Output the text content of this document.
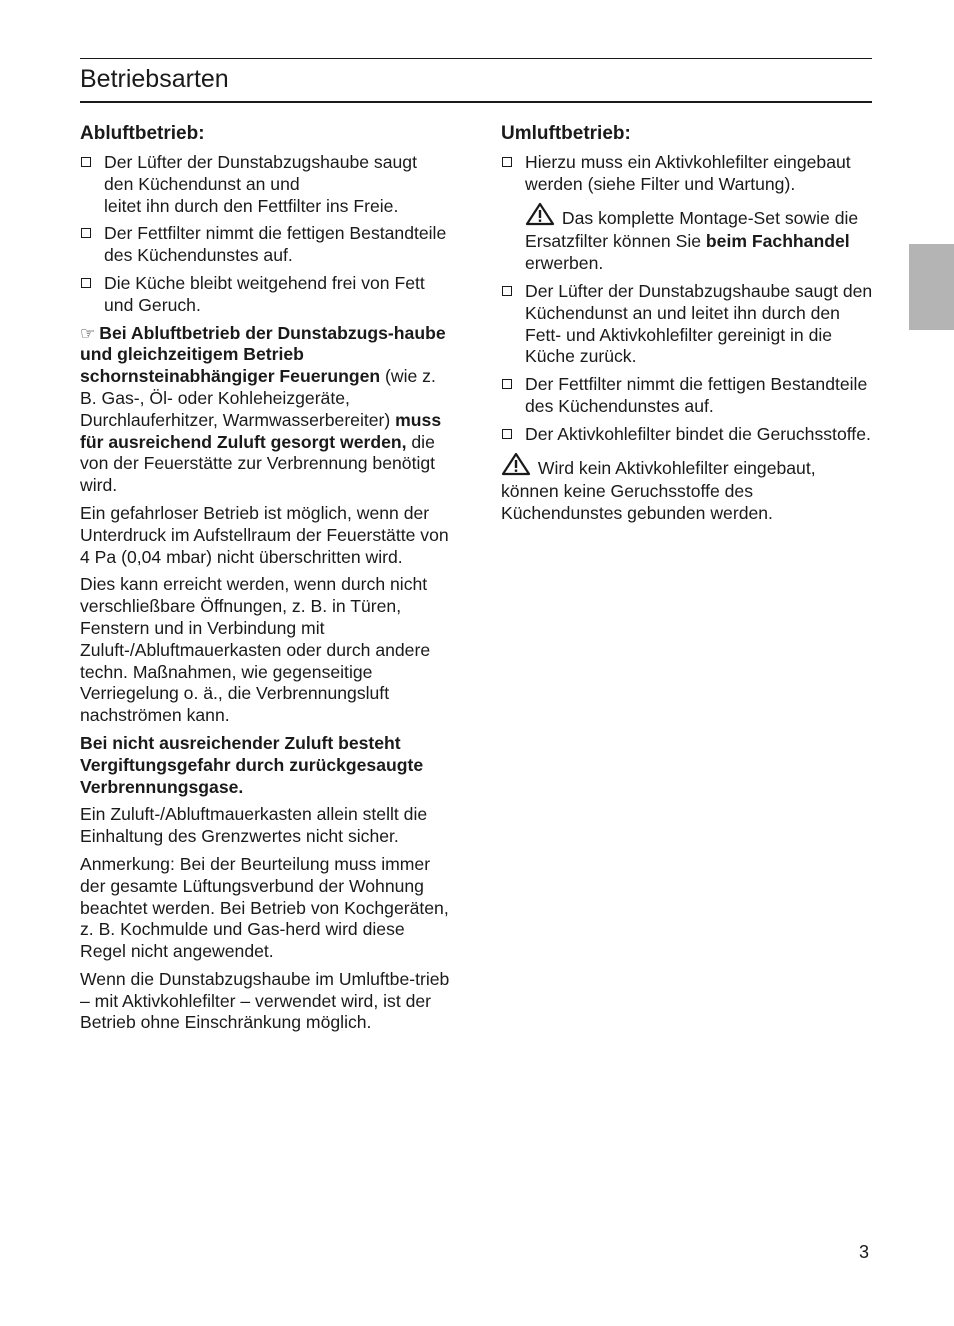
Betriebsarten
Abluftbetrieb:
Der Lüfter der Dunstabzugshaube saugt
den Küchendunst an und
leitet ihn durch den Fettfilter ins Freie.
Der Fettfilter nimmt die fettigen Bestandteile des Küchendunstes auf.
Die Küche bleibt weitgehend frei von Fett und Geruch.

☞ Bei Abluftbetrieb der Dunstabzugs-haube und gleichzeitigem Betrieb schornsteinabhängiger Feuerungen (wie z. B. Gas-, Öl- oder Kohleheizgeräte, Durchlauferhitzer, Warmwasserbereiter) muss für ausreichend Zuluft gesorgt werden, die von der Feuerstätte zur Verbrennung benötigt wird.

Ein gefahrloser Betrieb ist möglich, wenn der Unterdruck im Aufstellraum der Feuerstätte von 4 Pa (0,04 mbar) nicht überschritten wird.

Dies kann erreicht werden, wenn durch nicht verschließbare Öffnungen, z. B. in Türen, Fenstern und in Verbindung mit Zuluft-/Abluftmauerkasten oder durch andere techn. Maßnahmen, wie gegenseitige Verriegelung o. ä., die Verbrennungsluft nachströmen kann.

Bei nicht ausreichender Zuluft besteht Vergiftungsgefahr durch zurückgesaugte Verbrennungsgase.

Ein Zuluft-/Abluftmauerkasten allein stellt die Einhaltung des Grenzwertes nicht sicher.

Anmerkung: Bei der Beurteilung muss immer der gesamte Lüftungsverbund der Wohnung beachtet werden. Bei Betrieb von Kochgeräten, z. B. Kochmulde und Gas-herd wird diese Regel nicht angewendet.

Wenn die Dunstabzugshaube im Umluftbe-trieb – mit Aktivkohlefilter – verwendet wird, ist der Betrieb ohne Einschränkung möglich.

Umluftbetrieb:
Hierzu muss ein Aktivkohlefilter eingebaut werden (siehe Filter und Wartung).

Das komplette Montage-Set sowie die Ersatzfilter können Sie beim Fachhandel erwerben.

Der Lüfter der Dunstabzugshaube saugt den Küchendunst an und leitet ihn durch den Fett- und Aktivkohlefilter gereinigt in die Küche zurück.
Der Fettfilter nimmt die fettigen Bestandteile des Küchendunstes auf.
Der Aktivkohlefilter bindet die Geruchsstoffe.

Wird kein Aktivkohlefilter eingebaut, können keine Geruchsstoffe des Küchendunstes gebunden werden.

3
